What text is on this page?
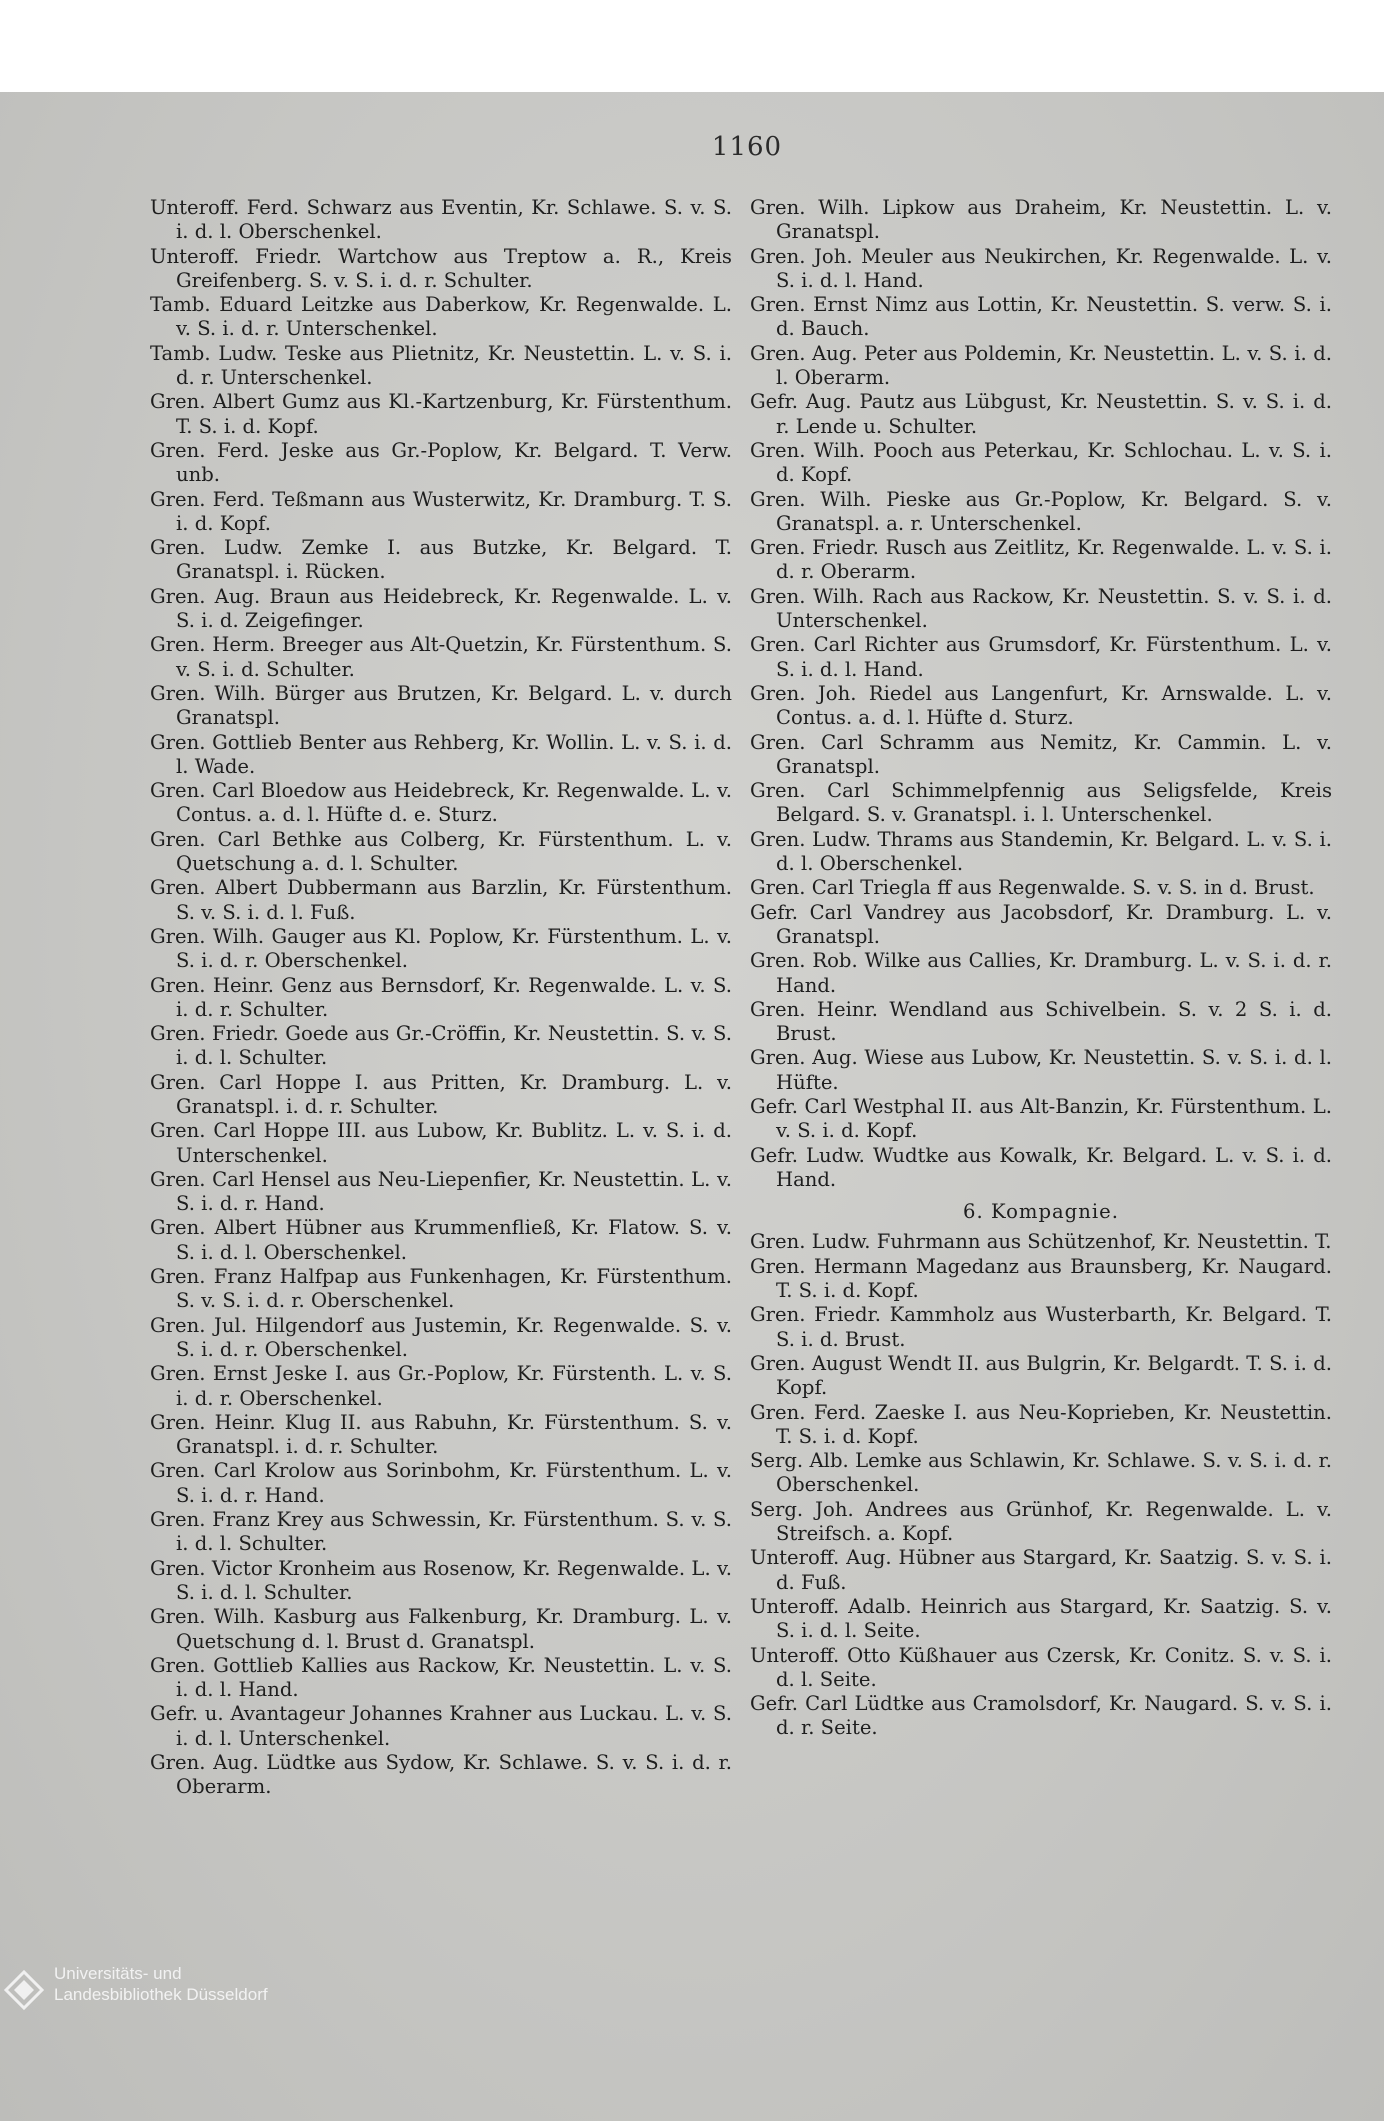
1160

Unteroff. Ferd. Schwarz aus Eventin, Kr. Schlawe. S. v. S. i. d. l. Oberschenkel.

Unteroff. Friedr. Wartchow aus Treptow a. R., Kreis Greifenberg. S. v. S. i. d. r. Schulter.

Tamb. Eduard Leitzke aus Daberkow, Kr. Regenwalde. L. v. S. i. d. r. Unterschenkel.

Tamb. Ludw. Teske aus Plietnitz, Kr. Neustettin. L. v. S. i. d. r. Unterschenkel.

Gren. Albert Gumz aus Kl.-Kartzenburg, Kr. Fürstenthum. T. S. i. d. Kopf.

Gren. Ferd. Jeske aus Gr.-Poplow, Kr. Belgard. T. Verw. unb.

Gren. Ferd. Teßmann aus Wusterwitz, Kr. Dramburg. T. S. i. d. Kopf.

Gren. Ludw. Zemke I. aus Butzke, Kr. Belgard. T. Granatspl. i. Rücken.

Gren. Aug. Braun aus Heidebreck, Kr. Regenwalde. L. v. S. i. d. Zeigefinger.

Gren. Herm. Breeger aus Alt-Quetzin, Kr. Fürstenthum. S. v. S. i. d. Schulter.

Gren. Wilh. Bürger aus Brutzen, Kr. Belgard. L. v. durch Granatspl.

Gren. Gottlieb Benter aus Rehberg, Kr. Wollin. L. v. S. i. d. l. Wade.

Gren. Carl Bloedow aus Heidebreck, Kr. Regenwalde. L. v. Contus. a. d. l. Hüfte d. e. Sturz.

Gren. Carl Bethke aus Colberg, Kr. Fürstenthum. L. v. Quetschung a. d. l. Schulter.

Gren. Albert Dubbermann aus Barzlin, Kr. Fürstenthum. S. v. S. i. d. l. Fuß.

Gren. Wilh. Gauger aus Kl. Poplow, Kr. Fürstenthum. L. v. S. i. d. r. Oberschenkel.

Gren. Heinr. Genz aus Bernsdorf, Kr. Regenwalde. L. v. S. i. d. r. Schulter.

Gren. Friedr. Goede aus Gr.-Cröffin, Kr. Neustettin. S. v. S. i. d. l. Schulter.

Gren. Carl Hoppe I. aus Pritten, Kr. Dramburg. L. v. Granatspl. i. d. r. Schulter.

Gren. Carl Hoppe III. aus Lubow, Kr. Bublitz. L. v. S. i. d. Unterschenkel.

Gren. Carl Hensel aus Neu-Liepenfier, Kr. Neustettin. L. v. S. i. d. r. Hand.

Gren. Albert Hübner aus Krummenfließ, Kr. Flatow. S. v. S. i. d. l. Oberschenkel.

Gren. Franz Halfpap aus Funkenhagen, Kr. Fürstenthum. S. v. S. i. d. r. Oberschenkel.

Gren. Jul. Hilgendorf aus Justemin, Kr. Regenwalde. S. v. S. i. d. r. Oberschenkel.

Gren. Ernst Jeske I. aus Gr.-Poplow, Kr. Fürstenth. L. v. S. i. d. r. Oberschenkel.

Gren. Heinr. Klug II. aus Rabuhn, Kr. Fürstenthum. S. v. Granatspl. i. d. r. Schulter.

Gren. Carl Krolow aus Sorinbohm, Kr. Fürstenthum. L. v. S. i. d. r. Hand.

Gren. Franz Krey aus Schwessin, Kr. Fürstenthum. S. v. S. i. d. l. Schulter.

Gren. Victor Kronheim aus Rosenow, Kr. Regenwalde. L. v. S. i. d. l. Schulter.

Gren. Wilh. Kasburg aus Falkenburg, Kr. Dramburg. L. v. Quetschung d. l. Brust d. Granatspl.

Gren. Gottlieb Kallies aus Rackow, Kr. Neustettin. L. v. S. i. d. l. Hand.

Gefr. u. Avantageur Johannes Krahner aus Luckau. L. v. S. i. d. l. Unterschenkel.

Gren. Aug. Lüdtke aus Sydow, Kr. Schlawe. S. v. S. i. d. r. Oberarm.

Gren. Wilh. Lipkow aus Draheim, Kr. Neustettin. L. v. Granatspl.

Gren. Joh. Meuler aus Neukirchen, Kr. Regenwalde. L. v. S. i. d. l. Hand.

Gren. Ernst Nimz aus Lottin, Kr. Neustettin. S. verw. S. i. d. Bauch.

Gren. Aug. Peter aus Poldemin, Kr. Neustettin. L. v. S. i. d. l. Oberarm.

Gefr. Aug. Pautz aus Lübgust, Kr. Neustettin. S. v. S. i. d. r. Lende u. Schulter.

Gren. Wilh. Pooch aus Peterkau, Kr. Schlochau. L. v. S. i. d. Kopf.

Gren. Wilh. Pieske aus Gr.-Poplow, Kr. Belgard. S. v. Granatspl. a. r. Unterschenkel.

Gren. Friedr. Rusch aus Zeitlitz, Kr. Regenwalde. L. v. S. i. d. r. Oberarm.

Gren. Wilh. Rach aus Rackow, Kr. Neustettin. S. v. S. i. d. Unterschenkel.

Gren. Carl Richter aus Grumsdorf, Kr. Fürstenthum. L. v. S. i. d. l. Hand.

Gren. Joh. Riedel aus Langenfurt, Kr. Arnswalde. L. v. Contus. a. d. l. Hüfte d. Sturz.

Gren. Carl Schramm aus Nemitz, Kr. Cammin. L. v. Granatspl.

Gren. Carl Schimmelpfennig aus Seligsfelde, Kreis Belgard. S. v. Granatspl. i. l. Unterschenkel.

Gren. Ludw. Thrams aus Standemin, Kr. Belgard. L. v. S. i. d. l. Oberschenkel.

Gren. Carl Triegla ff aus Regenwalde. S. v. S. in d. Brust.

Gefr. Carl Vandrey aus Jacobsdorf, Kr. Dramburg. L. v. Granatspl.

Gren. Rob. Wilke aus Callies, Kr. Dramburg. L. v. S. i. d. r. Hand.

Gren. Heinr. Wendland aus Schivelbein. S. v. 2 S. i. d. Brust.

Gren. Aug. Wiese aus Lubow, Kr. Neustettin. S. v. S. i. d. l. Hüfte.

Gefr. Carl Westphal II. aus Alt-Banzin, Kr. Fürstenthum. L. v. S. i. d. Kopf.

Gefr. Ludw. Wudtke aus Kowalk, Kr. Belgard. L. v. S. i. d. Hand.

6. Kompagnie.

Gren. Ludw. Fuhrmann aus Schützenhof, Kr. Neustettin. T.

Gren. Hermann Magedanz aus Braunsberg, Kr. Naugard. T. S. i. d. Kopf.

Gren. Friedr. Kammholz aus Wusterbarth, Kr. Belgard. T. S. i. d. Brust.

Gren. August Wendt II. aus Bulgrin, Kr. Belgardt. T. S. i. d. Kopf.

Gren. Ferd. Zaeske I. aus Neu-Koprieben, Kr. Neustettin. T. S. i. d. Kopf.

Serg. Alb. Lemke aus Schlawin, Kr. Schlawe. S. v. S. i. d. r. Oberschenkel.

Serg. Joh. Andrees aus Grünhof, Kr. Regenwalde. L. v. Streifsch. a. Kopf.

Unteroff. Aug. Hübner aus Stargard, Kr. Saatzig. S. v. S. i. d. Fuß.

Unteroff. Adalb. Heinrich aus Stargard, Kr. Saatzig. S. v. S. i. d. l. Seite.

Unteroff. Otto Küßhauer aus Czersk, Kr. Conitz. S. v. S. i. d. l. Seite.

Gefr. Carl Lüdtke aus Cramolsdorf, Kr. Naugard. S. v. S. i. d. r. Seite.

Universitäts- und
Landesbibliothek Düsseldorf
